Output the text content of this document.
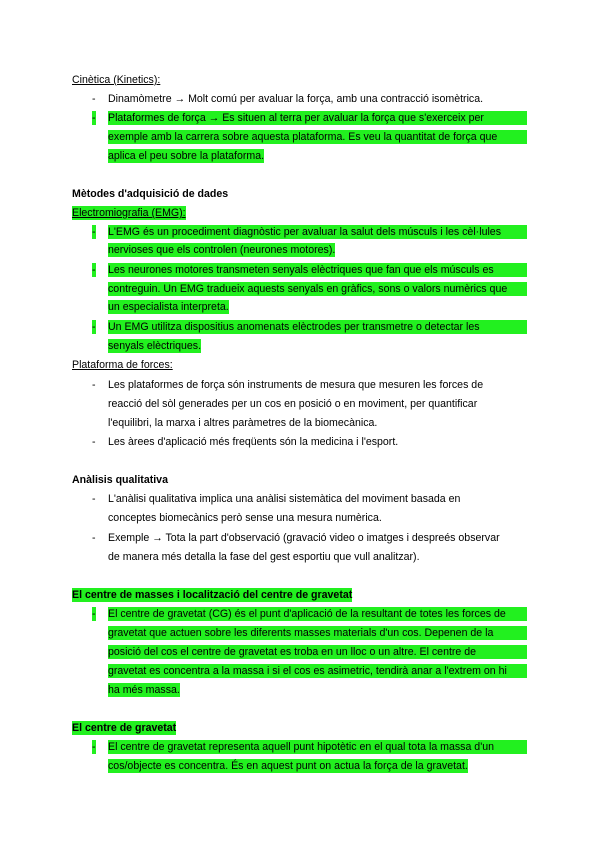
Cinètica (Kinetics):
- Dinamòmetre → Molt comú per avaluar la força, amb una contracció isomètrica.
- Plataformes de força → Es situen al terra per avaluar la força que s'exerceix per
exemple amb la carrera sobre aquesta plataforma. Es veu la quantitat de força que
aplica el peu sobre la plataforma.
Mètodes d'adquisició de dades
Electromiografia (EMG):
- L'EMG és un procediment diagnòstic per avaluar la salut dels músculs i les cèl·lules
nervioses que els controlen (neurones motores).
- Les neurones motores transmeten senyals elèctriques que fan que els músculs es
contreguin. Un EMG tradueix aquests senyals en gràfics, sons o valors numèrics que
un especialista interpreta.
- Un EMG utilitza dispositius anomenats elèctrodes per transmetre o detectar les
senyals elèctriques.
Plataforma de forces:
- Les plataformes de força són instruments de mesura que mesuren les forces de
reacció del sòl generades per un cos en posició o en moviment, per quantificar
l'equilibri, la marxa i altres paràmetres de la biomecànica.
- Les àrees d'aplicació més freqüents són la medicina i l'esport.
Anàlisis qualitativa
- L'anàlisi qualitativa implica una anàlisi sistemàtica del moviment basada en
conceptes biomecànics però sense una mesura numèrica.
- Exemple → Tota la part d'observació (gravació video o imatges i despreés observar
de manera més detalla la fase del gest esportiu que vull analitzar).
El centre de masses i localització del centre de gravetat
- El centre de gravetat (CG) és el punt d'aplicació de la resultant de totes les forces de
gravetat que actuen sobre les diferents masses materials d'un cos. Depenen de la
posició del cos el centre de gravetat es troba en un lloc o un altre. El centre de
gravetat es concentra a la massa i si el cos es asimetric, tendirà anar a l'extrem on hi
ha més massa.
El centre de gravetat
- El centre de gravetat representa aquell punt hipotètic en el qual tota la massa d'un
cos/objecte es concentra. És en aquest punt on actua la força de la gravetat.
